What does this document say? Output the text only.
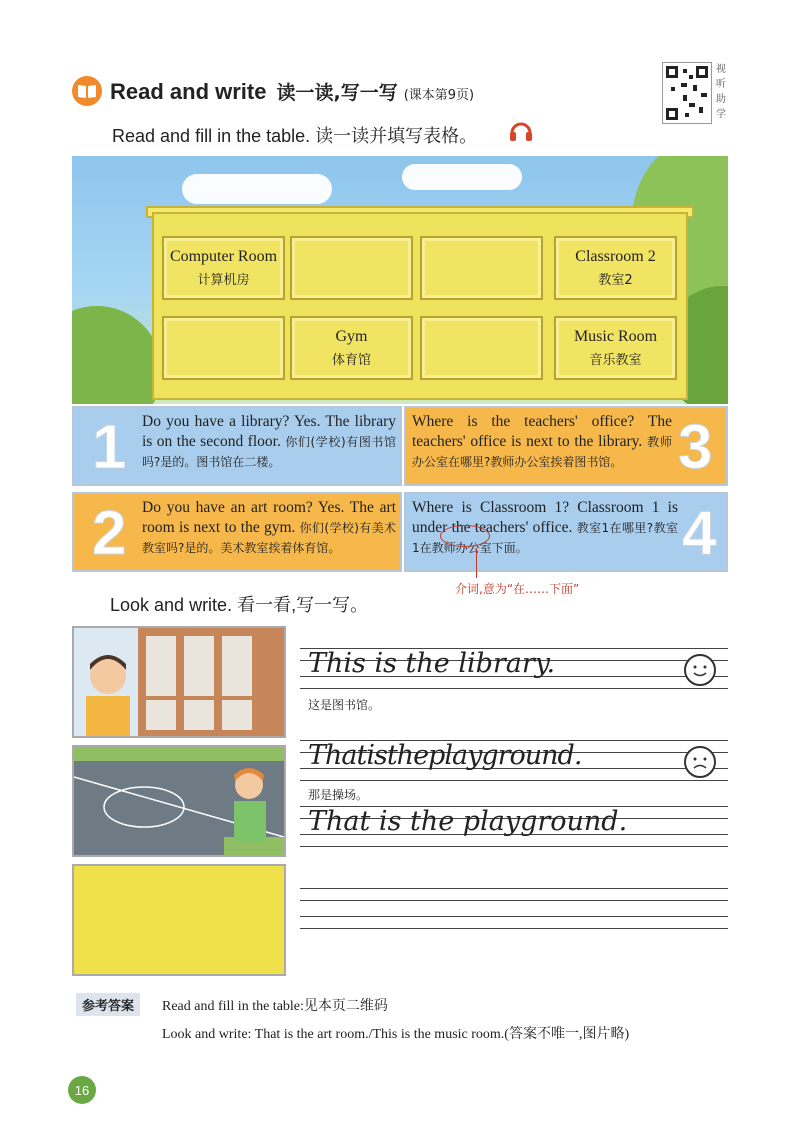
Read and write 读一读,写一写 (课本第9页)
视听助学
Read and fill in the table. 读一读并填写表格。
Computer Room
计算机房
Classroom 2
教室2
Gym
体育馆
Music Room
音乐教室
1 Do you have a library? Yes. The library is on the second floor. 你们(学校)有图书馆吗?是的。图书馆在二楼。
Where is the teachers' office? The teachers' office is next to the library. 教师办公室在哪里?教师办公室挨着图书馆。 3
2 Do you have an art room? Yes. The art room is next to the gym. 你们(学校)有美术教室吗?是的。美术教室挨着体育馆。
Where is Classroom 1? Classroom 1 is under the teachers' office. 教室1在哪里?教室1在教师办公室下面。	4
介词,意为“在……下面”
Look and write. 看一看,写一写。
This is the library.
这是图书馆。
Thatistheplayground.
那是操场。
That is the playground.
参考答案	Read and fill in the table:见本页二维码
Look and write: That is the art room./This is the music room.(答案不唯一,图片略)
16
